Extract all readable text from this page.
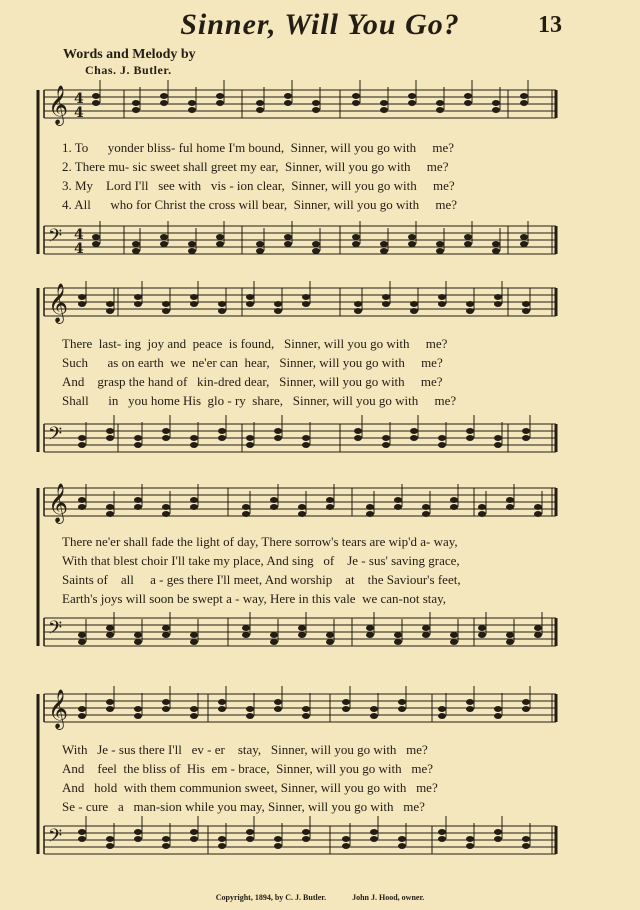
Sinner, Will You Go?	13
Words and Melody by
Chas. J. Butler.
𝄞 4
4
𝄢 4
4
𝄞
𝄢
𝄞
𝄢
𝄞
𝄢
1. To      yonder bliss- ful home I'm bound,  Sinner, will you go with     me?
2. There mu- sic sweet shall greet my ear,  Sinner, will you go with     me?
3. My    Lord I'll   see with   vis - ion clear,  Sinner, will you go with     me?
4. All      who for Christ the cross will bear,  Sinner, will you go with     me?
There  last- ing  joy and  peace  is found,   Sinner, will you go with     me?
Such      as on earth  we  ne'er can  hear,   Sinner, will you go with     me?
And    grasp the hand of   kin-dred dear,   Sinner, will you go with     me?
Shall      in   you home His  glo - ry  share,   Sinner, will you go with     me?
There ne'er shall fade the light of day, There sorrow's tears are wip'd a- way,
With that blest choir I'll take my place, And sing   of    Je - sus' saving grace,
Saints of    all     a - ges there I'll meet, And worship    at    the Saviour's feet,
Earth's joys will soon be swept a - way, Here in this vale  we can-not stay,
With   Je - sus there I'll   ev - er    stay,   Sinner, will you go with   me?
And    feel  the bliss of  His  em - brace,  Sinner, will you go with   me?
And   hold  with them communion sweet, Sinner, will you go with   me?
Se - cure   a   man-sion while you may, Sinner, will you go with   me?
Copyright, 1894, by C. J. Butler.	John J. Hood, owner.
